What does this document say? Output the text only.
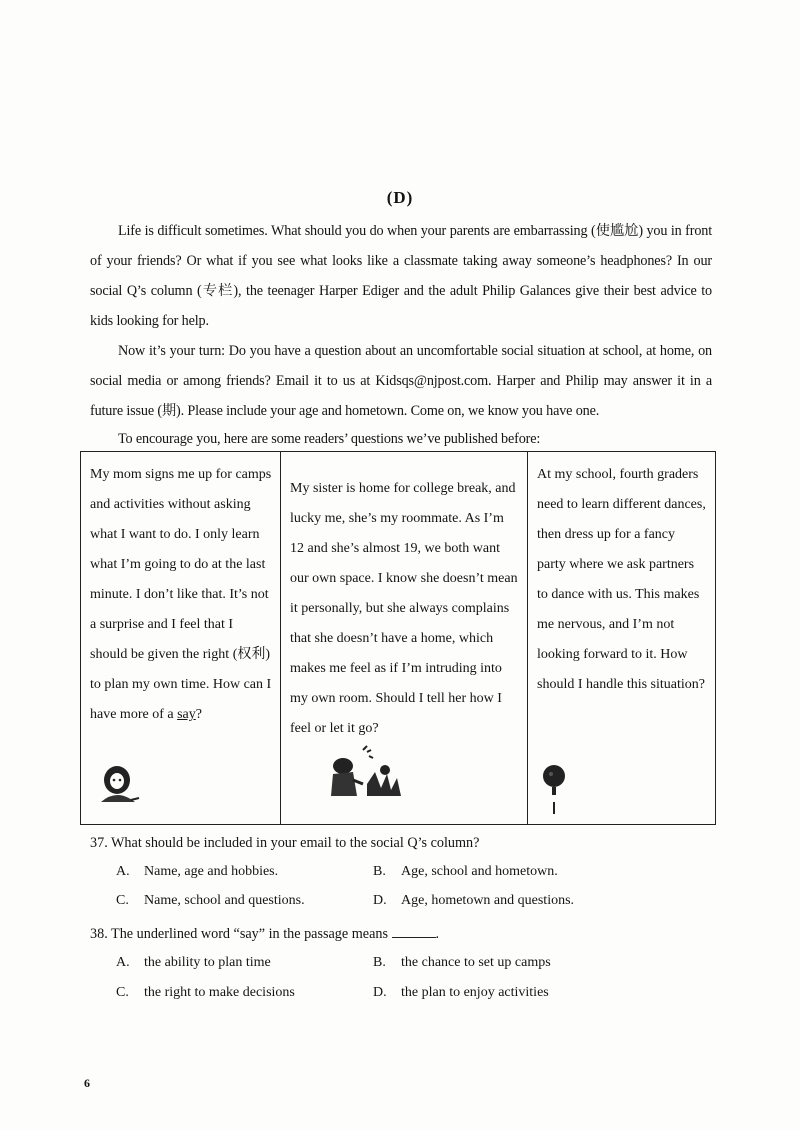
(D)

Life is difficult sometimes. What should you do when your parents are embarrassing (使尴尬) you in front of your friends? Or what if you see what looks like a classmate taking away someone’s headphones? In our social Q’s column (专栏), the teenager Harper Ediger and the adult Philip Galances give their best advice to kids looking for help.

Now it’s your turn: Do you have a question about an uncomfortable social situation at school, at home, on social media or among friends? Email it to us at Kidsqs@njpost.com. Harper and Philip may answer it in a future issue (期). Please include your age and hometown. Come on, we know you have one.

To encourage you, here are some readers’ questions we’ve published before:

My mom signs me up for camps and activities without asking what I want to do. I only learn what I’m going to do at the last minute. I don’t like that. It’s not a surprise and I feel that I should be given the right (权利) to plan my own time. How can I have more of a say?
My sister is home for college break, and lucky me, she’s my roommate. As I’m 12 and she’s almost 19, we both want our own space. I know she doesn’t mean it personally, but she always complains that she doesn’t have a home, which makes me feel as if I’m intruding into my own room. Should I tell her how I feel or let it go?
At my school, fourth graders need to learn different dances, then dress up for a fancy party where we ask partners to dance with us. This makes me nervous, and I’m not looking forward to it. How should I handle this situation?
37. What should be included in your email to the social Q’s column?
A. Name, age and hobbies.	B. Age, school and hometown.
C. Name, school and questions.	D. Age, hometown and questions.
38. The underlined word “say” in the passage means	.
A. the ability to plan time	B. the chance to set up camps
C. the right to make decisions	D. the plan to enjoy activities
6
